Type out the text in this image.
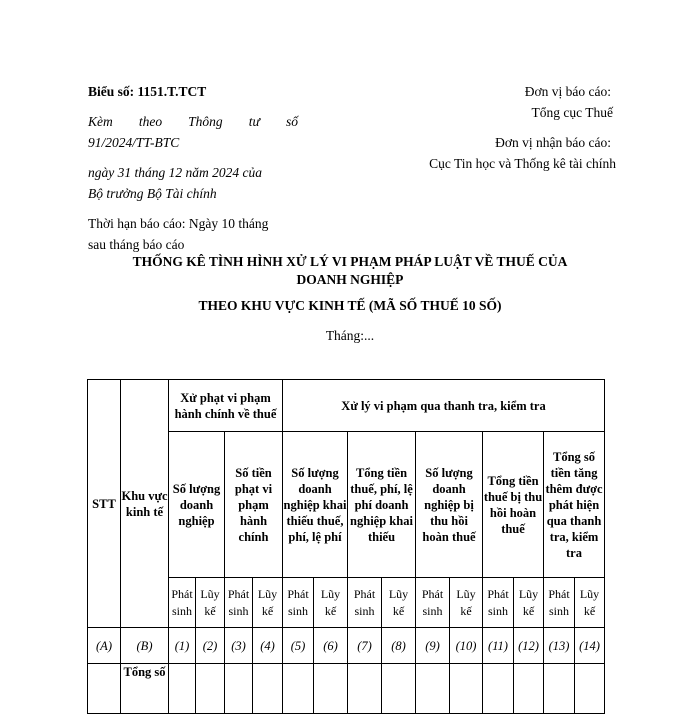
Biểu số: 1151.T.TCT
Kèm theo Thông tư số
91/2024/TT-BTC
ngày 31 tháng 12 năm 2024 của
Bộ trưởng Bộ Tài chính
Thời hạn báo cáo: Ngày 10 tháng
sau tháng báo cáo
Đơn vị báo cáo:
Tổng cục Thuế
Đơn vị nhận báo cáo:
Cục Tin học và Thống kê tài chính
THỐNG KÊ TÌNH HÌNH XỬ LÝ VI PHẠM PHÁP LUẬT VỀ THUẾ CỦA
DOANH NGHIỆP
THEO KHU VỰC KINH TẾ (MÃ SỐ THUẾ 10 SỐ)
Tháng:...
STT	Khu vực kinh tế	Xử phạt vi phạm hành chính về thuế				Xử lý vi phạm qua thanh tra, kiểm tra									
		Số lượng doanh nghiệp		Số tiền phạt vi phạm hành chính		Số lượng doanh nghiệp khai thiếu thuế, phí, lệ phí		Tổng tiền thuế, phí, lệ phí doanh nghiệp khai thiếu		Số lượng doanh nghiệp bị thu hồi hoàn thuế		Tổng tiền thuế bị thu hồi hoàn thuế		Tổng số tiền tăng thêm được phát hiện qua thanh tra, kiểm tra	
		Phát sinh	Lũy kế	Phát sinh	Lũy kế	Phát sinh	Lũy kế	Phát sinh	Lũy kế	Phát sinh	Lũy kế	Phát sinh	Lũy kế	Phát sinh	Lũy kế
(A)	(B)	(1)	(2)	(3)	(4)	(5)	(6)	(7)	(8)	(9)	(10)	(11)	(12)	(13)	(14)
	Tổng số														
